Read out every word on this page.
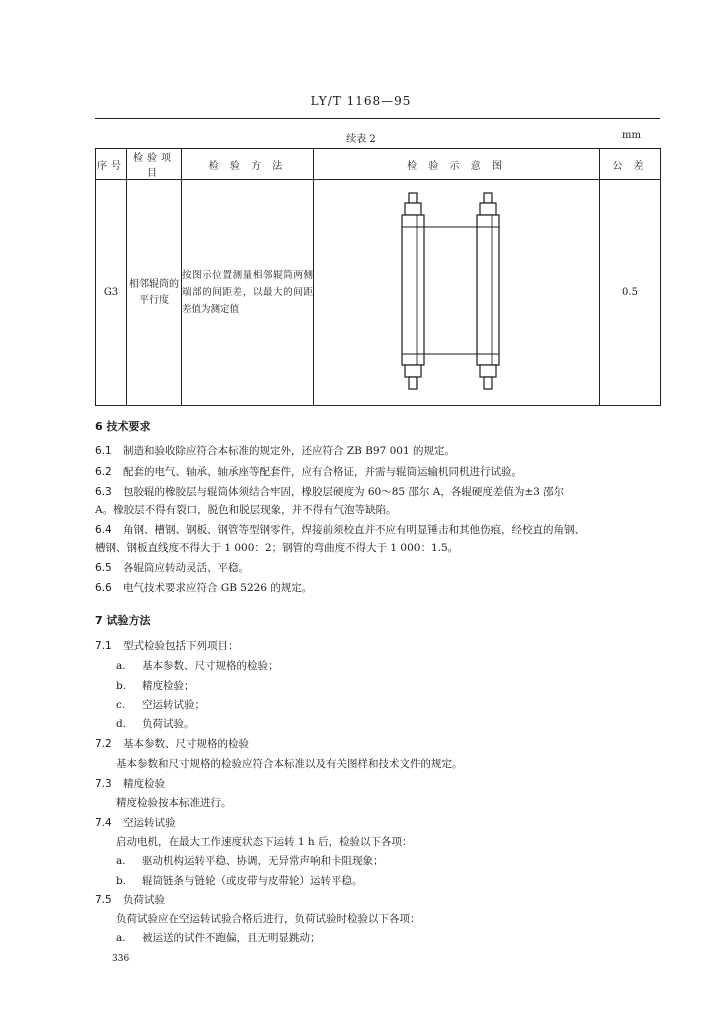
LY/T 1168—95
续表 2	mm
序号	检验项目	检 验 方 法	检 验 示 意 图	公 差
G3	相邻辊筒的平行度	按图示位置测量相邻辊筒两侧端部的间距差，以最大的间距差值为测定值		0.5
6 技术要求
6.1 制造和验收除应符合本标准的规定外，还应符合 ZB B97 001 的规定。
6.2 配套的电气、轴承、轴承座等配套件，应有合格证，并需与辊筒运输机同机进行试验。
6.3 包胶辊的橡胶层与辊筒体须结合牢固，橡胶层硬度为 60～85 邵尔 A，各辊硬度差值为±3 邵尔
A。橡胶层不得有裂口，脱色和脱层现象，并不得有气泡等缺陷。
6.4 角钢、槽钢、钢板、钢管等型钢零件，焊接前须校直并不应有明显锤击和其他伤痕，经校直的角钢、
槽钢、钢板直线度不得大于 1 000：2；钢管的弯曲度不得大于 1 000：1.5。
6.5 各辊筒应转动灵活、平稳。
6.6 电气技术要求应符合 GB 5226 的规定。
7 试验方法
7.1 型式检验包括下列项目：
a. 基本参数、尺寸规格的检验；
b. 精度检验；
c. 空运转试验；
d. 负荷试验。
7.2 基本参数、尺寸规格的检验
基本参数和尺寸规格的检验应符合本标准以及有关图样和技术文件的规定。
7.3 精度检验
精度检验按本标准进行。
7.4 空运转试验
启动电机，在最大工作速度状态下运转 1 h 后，检验以下各项：
a. 驱动机构运转平稳、协调，无异常声响和卡阻现象；
b. 辊筒链条与链轮（或皮带与皮带轮）运转平稳。
7.5 负荷试验
负荷试验应在空运转试验合格后进行，负荷试验时检验以下各项：
a. 被运送的试件不跑偏，且无明显跳动；
336
